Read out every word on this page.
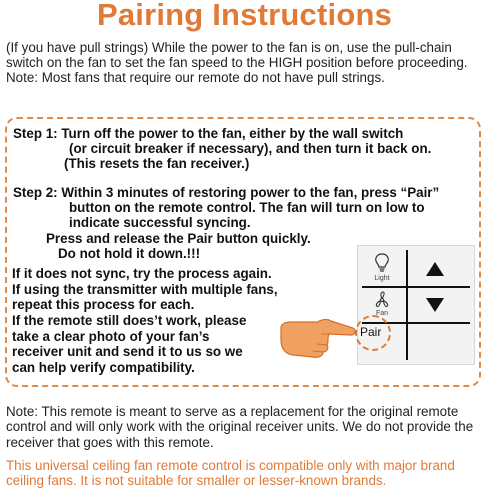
Pairing Instructions
(If you have pull strings) While the power to the fan is on, use the pull-chain switch on the fan to set the fan speed to the HIGH position before proceeding. Note: Most fans that require our remote do not have pull strings.
Step 1: Turn off the power to the fan, either by the wall switch
(or circuit breaker if necessary), and then turn it back on.
(This resets the fan receiver.)
Step 2: Within 3 minutes of restoring power to the fan, press “Pair”
button on the remote control. The fan will turn on low to
indicate successful syncing.
Press and release the Pair button quickly.
Do not hold it down.!!!
If it does not sync, try the process again.
If using the transmitter with multiple fans,
repeat this process for each.
If the remote still does’t work, please
take a clear photo of your fan’s
receiver unit and send it to us so we
can help verify compatibility.
Light
Fan
Pair
Note: This remote is meant to serve as a replacement for the original remote control and will only work with the original receiver units. We do not provide the receiver that goes with this remote.
This universal ceiling fan remote control is compatible only with major brand ceiling fans. It is not suitable for smaller or lesser-known brands.
